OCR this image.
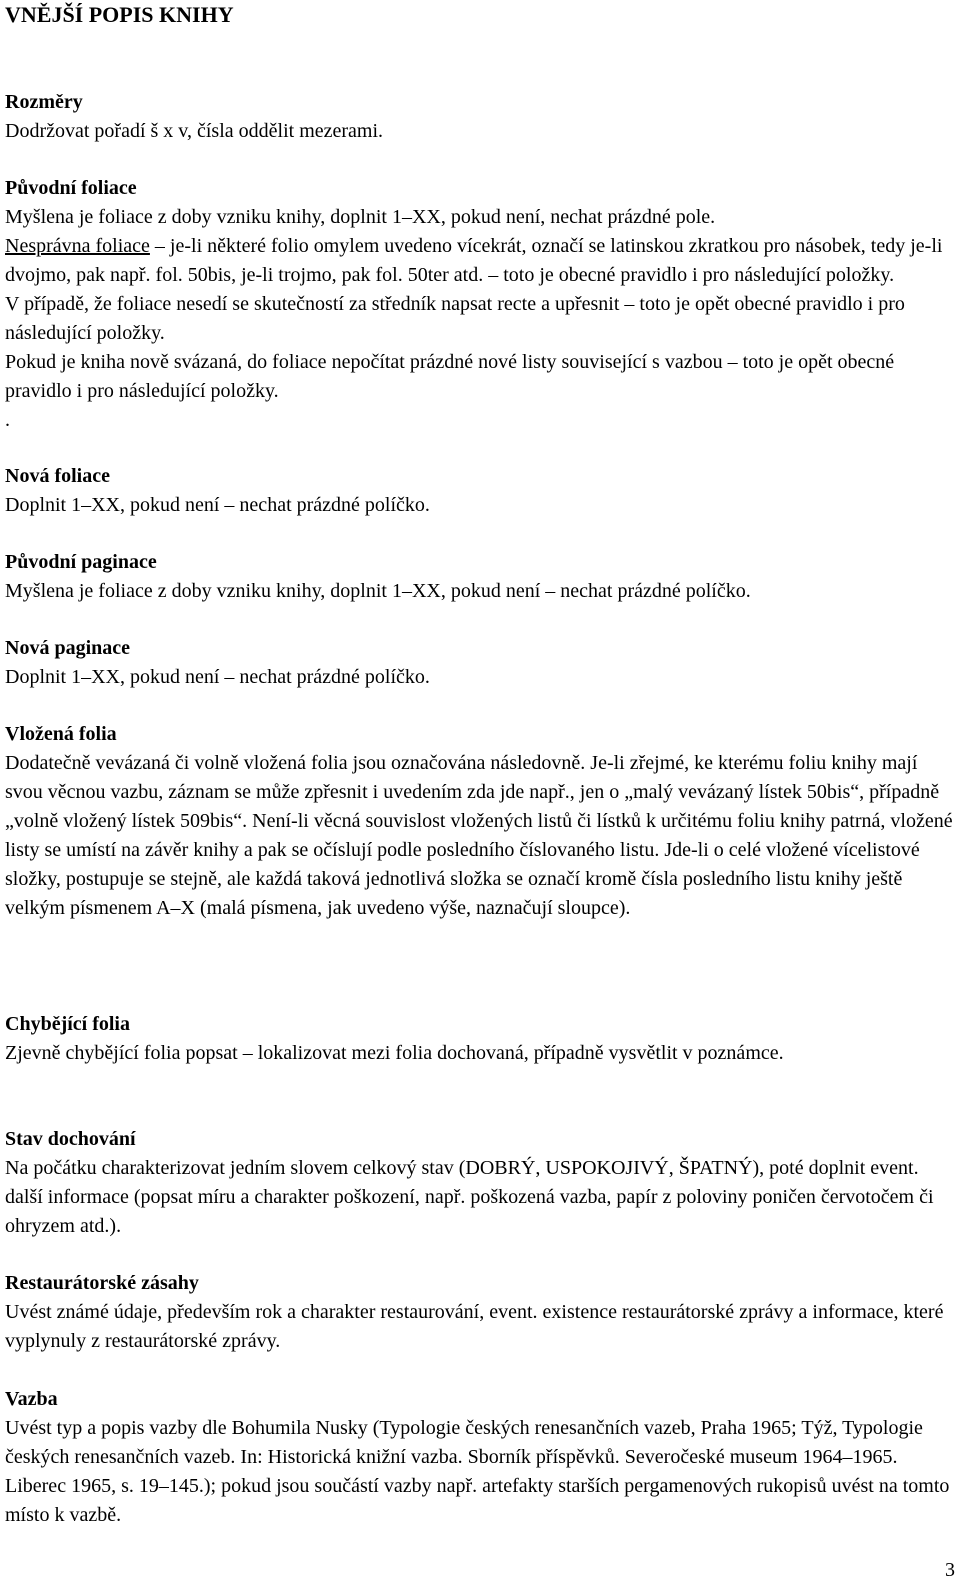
VNĚJŠÍ POPIS KNIHY

Rozměry

Dodržovat pořadí š x v, čísla oddělit mezerami.

Původní foliace

Myšlena je foliace z doby vzniku knihy, doplnit 1–XX, pokud není, nechat prázdné pole.

Nesprávna foliace – je-li některé folio omylem uvedeno vícekrát, označí se latinskou zkratkou pro násobek, tedy je-li dvojmo, pak např. fol. 50bis, je-li trojmo, pak fol. 50ter atd. – toto je obecné pravidlo i pro následující položky.

V případě, že foliace nesedí se skutečností za středník napsat recte a upřesnit – toto je opět obecné pravidlo i pro následující položky.

Pokud je kniha nově svázaná, do foliace nepočítat prázdné nové listy související s vazbou – toto je opět obecné pravidlo i pro následující položky.

.

Nová foliace

Doplnit 1–XX, pokud není – nechat prázdné políčko.

Původní paginace

Myšlena je foliace z doby vzniku knihy, doplnit 1–XX, pokud není – nechat prázdné políčko.

Nová paginace

Doplnit 1–XX, pokud není – nechat prázdné políčko.

Vložená folia

Dodatečně vevázaná či volně vložená folia jsou označována následovně. Je-li zřejmé, ke kterému foliu knihy mají svou věcnou vazbu, záznam se může zpřesnit i uvedením zda jde např., jen o „malý vevázaný lístek 50bis“, případně „volně vložený lístek 509bis“. Není-li věcná souvislost vložených listů či lístků k určitému foliu knihy patrná, vložené listy se umístí na závěr knihy a pak se očíslují podle posledního číslovaného listu. Jde-li o celé vložené vícelistové složky, postupuje se stejně, ale každá taková jednotlivá složka se označí kromě čísla posledního listu knihy ještě velkým písmenem A–X (malá písmena, jak uvedeno výše, naznačují sloupce).

Chybějící folia

Zjevně chybějící folia popsat – lokalizovat mezi folia dochovaná, případně vysvětlit v poznámce.

Stav dochování

Na počátku charakterizovat jedním slovem celkový stav (DOBRÝ, USPOKOJIVÝ, ŠPATNÝ), poté doplnit event. další informace (popsat míru a charakter poškození, např. poškozená vazba, papír z poloviny poničen červotočem či ohryzem atd.).

Restaurátorské zásahy

Uvést známé údaje, především rok a charakter restaurování, event. existence restaurátorské zprávy a informace, které vyplynuly z restaurátorské zprávy.

Vazba

Uvést typ a popis vazby dle Bohumila Nusky (Typologie českých renesančních vazeb, Praha 1965; Týž, Typologie českých renesančních vazeb. In: Historická knižní vazba. Sborník příspěvků. Severočeské museum 1964–1965. Liberec 1965, s. 19–145.); pokud jsou součástí vazby např. artefakty starších pergamenových rukopisů uvést na tomto místo k vazbě.

3
